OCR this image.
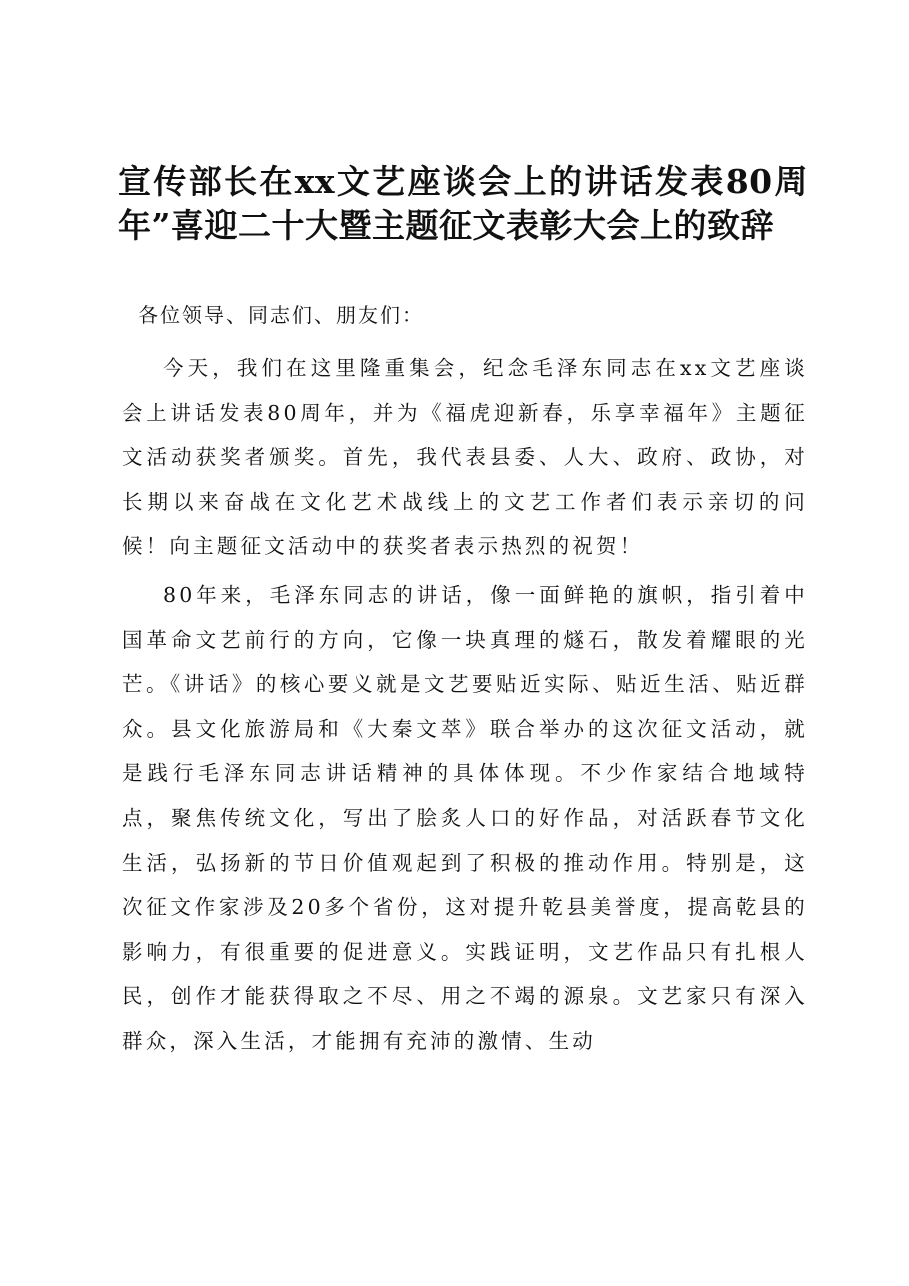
宣传部长在xx文艺座谈会上的讲话发表80周年”喜迎二十大暨主题征文表彰大会上的致辞

各位领导、同志们、朋友们：

今天，我们在这里隆重集会，纪念毛泽东同志在xx文艺座谈会上讲话发表80周年，并为《福虎迎新春，乐享幸福年》主题征文活动获奖者颁奖。首先，我代表县委、人大、政府、政协，对长期以来奋战在文化艺术战线上的文艺工作者们表示亲切的问候！向主题征文活动中的获奖者表示热烈的祝贺！

80年来，毛泽东同志的讲话，像一面鲜艳的旗帜，指引着中国革命文艺前行的方向，它像一块真理的燧石，散发着耀眼的光芒。《讲话》的核心要义就是文艺要贴近实际、贴近生活、贴近群众。县文化旅游局和《大秦文萃》联合举办的这次征文活动，就是践行毛泽东同志讲话精神的具体体现。不少作家结合地域特点，聚焦传统文化，写出了脍炙人口的好作品，对活跃春节文化生活，弘扬新的节日价值观起到了积极的推动作用。特别是，这次征文作家涉及20多个省份，这对提升乾县美誉度，提高乾县的影响力，有很重要的促进意义。实践证明，文艺作品只有扎根人民，创作才能获得取之不尽、用之不竭的源泉。文艺家只有深入群众，深入生活，才能拥有充沛的激情、生动
